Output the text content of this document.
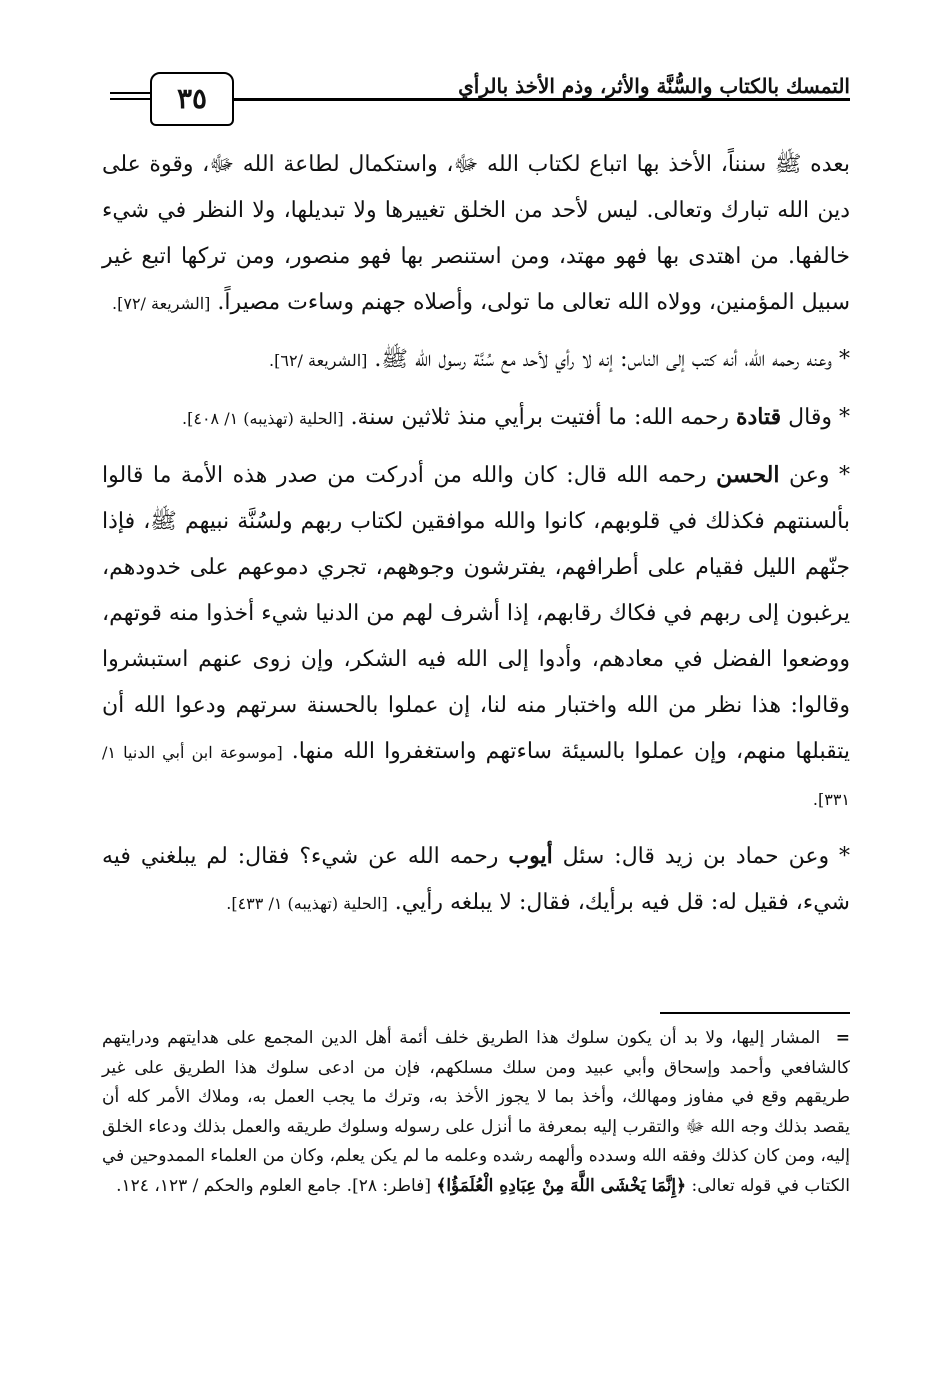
التمسك بالكتاب والسُّنَّة والأثر، وذم الأخذ بالرأي
٣٥

بعده ﷺ سنناً، الأخذ بها اتباع لكتاب الله ﷻ، واستكمال لطاعة الله ﷻ، وقوة على دين الله تبارك وتعالى. ليس لأحد من الخلق تغييرها ولا تبديلها، ولا النظر في شيء خالفها. من اهتدى بها فهو مهتد، ومن استنصر بها فهو منصور، ومن تركها اتبع غير سبيل المؤمنين، وولاه الله تعالى ما تولى، وأصلاه جهنم وساءت مصيراً. [الشريعة /٧٢].

* وعنه رحمه الله، أنه كتب إلى الناس: إنه لا رأي لأحد مع سُنَّة رسول الله ﷺ. [الشريعة /٦٢].

* وقال قتادة رحمه الله: ما أفتيت برأيي منذ ثلاثين سنة. [الحلية (تهذيبه) ١/ ٤٠٨].

* وعن الحسن رحمه الله قال: كان والله من أدركت من صدر هذه الأمة ما قالوا بألسنتهم فكذلك في قلوبهم، كانوا والله موافقين لكتاب ربهم ولسُنَّة نبيهم ﷺ، فإذا جنّهم الليل فقيام على أطرافهم، يفترشون وجوههم، تجري دموعهم على خدودهم، يرغبون إلى ربهم في فكاك رقابهم، إذا أشرف لهم من الدنيا شيء أخذوا منه قوتهم، ووضعوا الفضل في معادهم، وأدوا إلى الله فيه الشكر، وإن زوى عنهم استبشروا وقالوا: هذا نظر من الله واختبار منه لنا، إن عملوا بالحسنة سرتهم ودعوا الله أن يتقبلها منهم، وإن عملوا بالسيئة ساءتهم واستغفروا الله منها. [موسوعة ابن أبي الدنيا ١/ ٣٣١].

* وعن حماد بن زيد قال: سئل أيوب رحمه الله عن شيء؟ فقال: لم يبلغني فيه شيء، فقيل له: قل فيه برأيك، فقال: لا يبلغه رأيي. [الحلية (تهذيبه) ١/ ٤٣٣].

= المشار إليها، ولا بد أن يكون سلوك هذا الطريق خلف أئمة أهل الدين المجمع على هدايتهم ودرايتهم كالشافعي وأحمد وإسحاق وأبي عبيد ومن سلك مسلكهم، فإن من ادعى سلوك هذا الطريق على غير طريقهم وقع في مفاوز ومهالك، وأخذ بما لا يجوز الأخذ به، وترك ما يجب العمل به، وملاك الأمر كله أن يقصد بذلك وجه الله ﷻ والتقرب إليه بمعرفة ما أنزل على رسوله وسلوك طريقه والعمل بذلك ودعاء الخلق إليه، ومن كان كذلك وفقه الله وسدده وألهمه رشده وعلمه ما لم يكن يعلم، وكان من العلماء الممدوحين في الكتاب في قوله تعالى: ﴿إِنَّمَا يَخْشَى اللَّهَ مِنْ عِبَادِهِ الْعُلَمَؤُا﴾ [فاطر: ٢٨]. جامع العلوم والحكم / ١٢٣، ١٢٤.
